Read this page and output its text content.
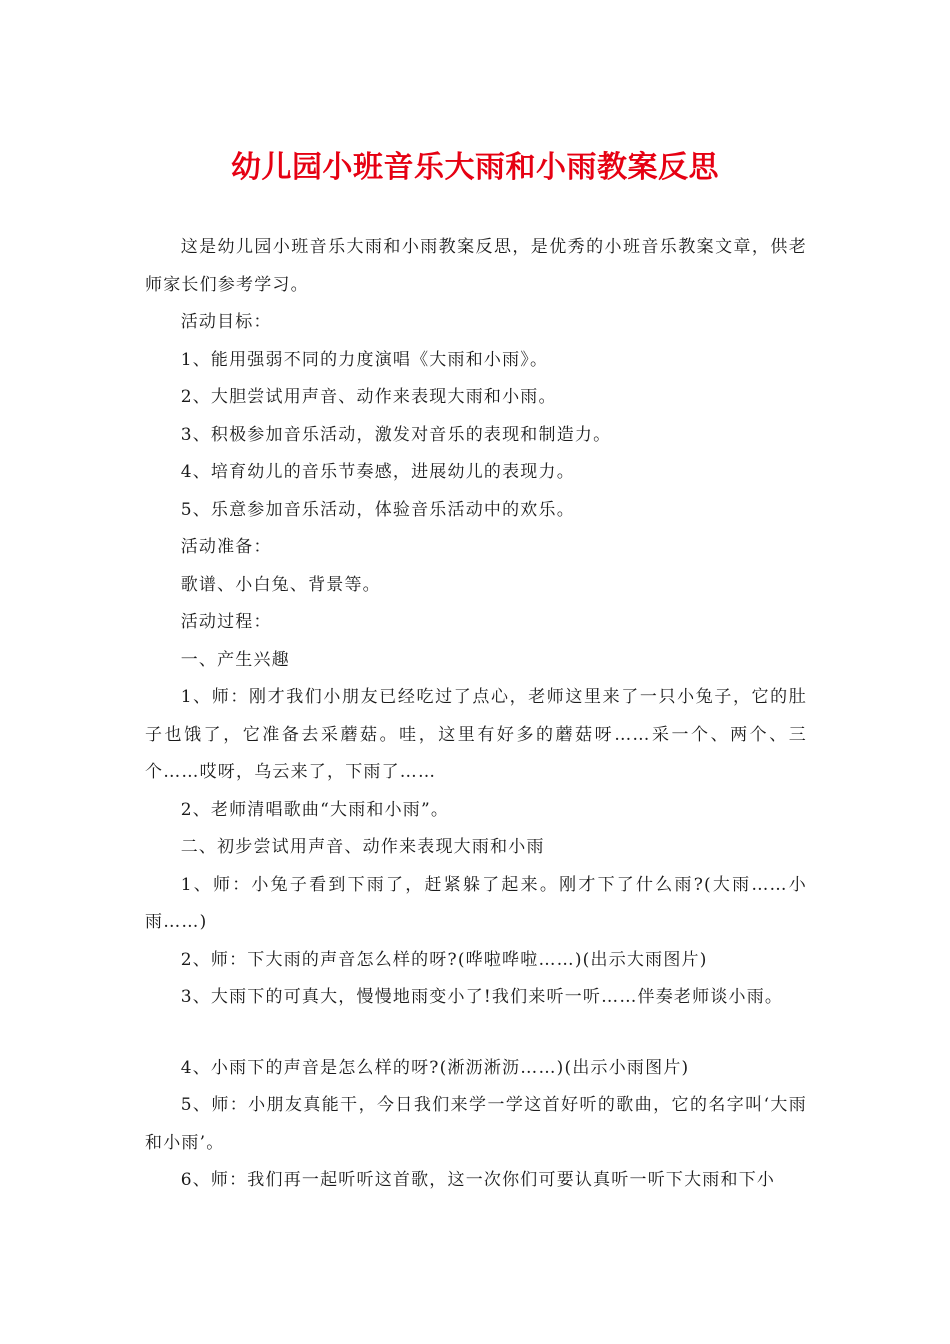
幼儿园小班音乐大雨和小雨教案反思

这是幼儿园小班音乐大雨和小雨教案反思，是优秀的小班音乐教案文章，供老师家长们参考学习。

活动目标：

1、能用强弱不同的力度演唱《大雨和小雨》。

2、大胆尝试用声音、动作来表现大雨和小雨。

3、积极参加音乐活动，激发对音乐的表现和制造力。

4、培育幼儿的音乐节奏感，进展幼儿的表现力。

5、乐意参加音乐活动，体验音乐活动中的欢乐。

活动准备：

歌谱、小白兔、背景等。

活动过程：

一、产生兴趣

1、师：刚才我们小朋友已经吃过了点心，老师这里来了一只小兔子，它的肚子也饿了，它准备去采蘑菇。哇，这里有好多的蘑菇呀……采一个、两个、三个……哎呀，乌云来了，下雨了……

2、老师清唱歌曲“大雨和小雨”。

二、初步尝试用声音、动作来表现大雨和小雨

1、师：小兔子看到下雨了，赶紧躲了起来。刚才下了什么雨?(大雨……小雨……)

2、师：下大雨的声音怎么样的呀?(哗啦哗啦……)(出示大雨图片)

3、大雨下的可真大，慢慢地雨变小了!我们来听一听……伴奏老师谈小雨。

4、小雨下的声音是怎么样的呀?(淅沥淅沥……)(出示小雨图片)

5、师：小朋友真能干，今日我们来学一学这首好听的歌曲，它的名字叫‘大雨和小雨’。

6、师：我们再一起听听这首歌，这一次你们可要认真听一听下大雨和下小
